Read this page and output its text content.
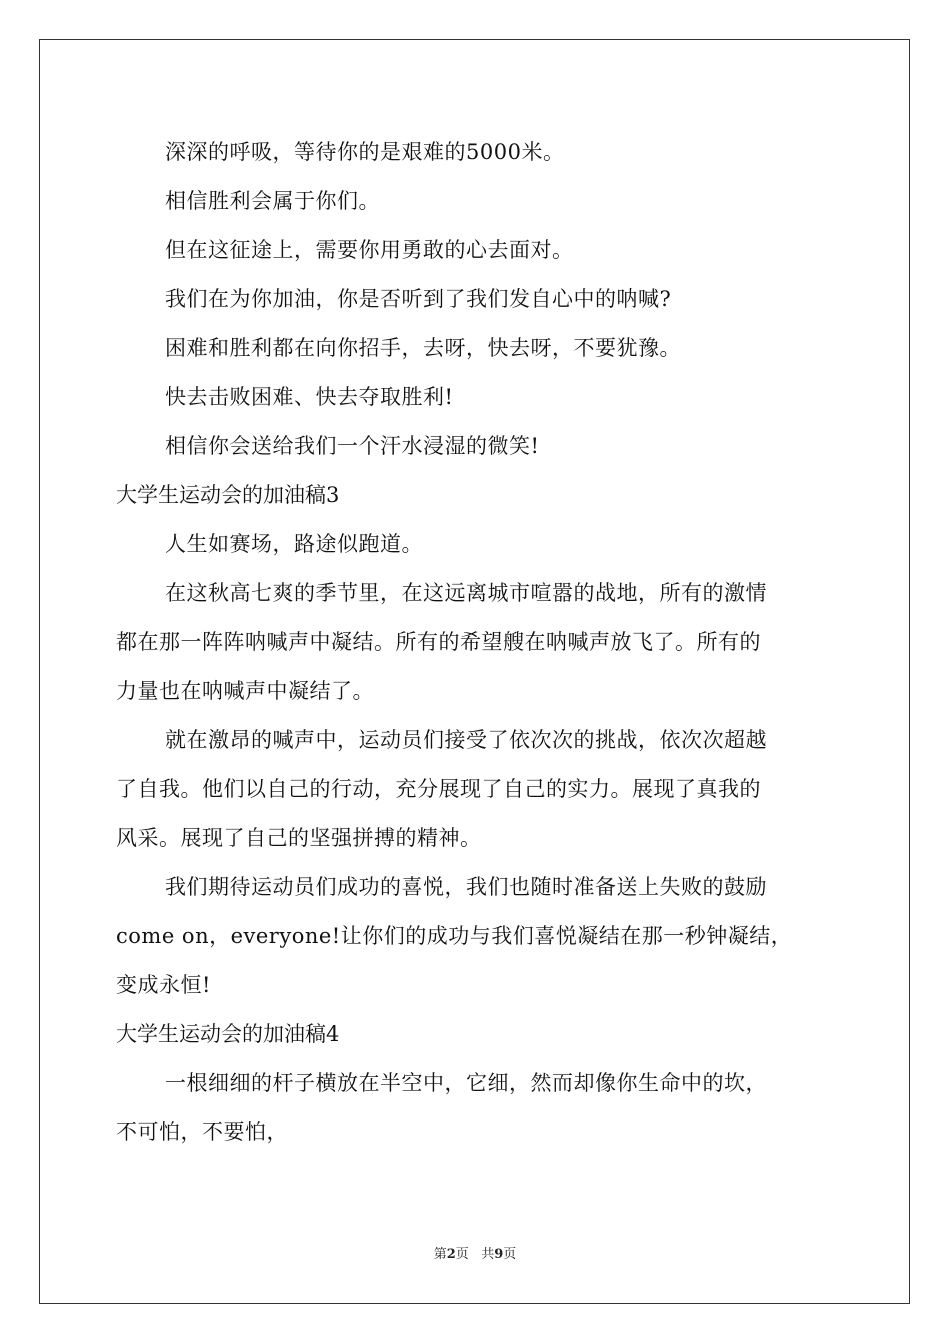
深深的呼吸，等待你的是艰难的5000米。
相信胜利会属于你们。
但在这征途上，需要你用勇敢的心去面对。
我们在为你加油，你是否听到了我们发自心中的呐喊?
困难和胜利都在向你招手，去呀，快去呀，不要犹豫。
快去击败困难、快去夺取胜利!
相信你会送给我们一个汗水浸湿的微笑!
大学生运动会的加油稿3
人生如赛场，路途似跑道。
在这秋高七爽的季节里，在这远离城市喧嚣的战地，所有的激情
都在那一阵阵呐喊声中凝结。所有的希望艘在呐喊声放飞了。所有的
力量也在呐喊声中凝结了。
就在激昂的喊声中，运动员们接受了依次次的挑战，依次次超越
了自我。他们以自己的行动，充分展现了自己的实力。展现了真我的
风采。展现了自己的坚强拼搏的精神。
我们期待运动员们成功的喜悦，我们也随时准备送上失败的鼓励
come on，everyone!让你们的成功与我们喜悦凝结在那一秒钟凝结，
变成永恒!
大学生运动会的加油稿4
一根细细的杆子横放在半空中，它细，然而却像你生命中的坎，
不可怕，不要怕，
第2页 共9页
